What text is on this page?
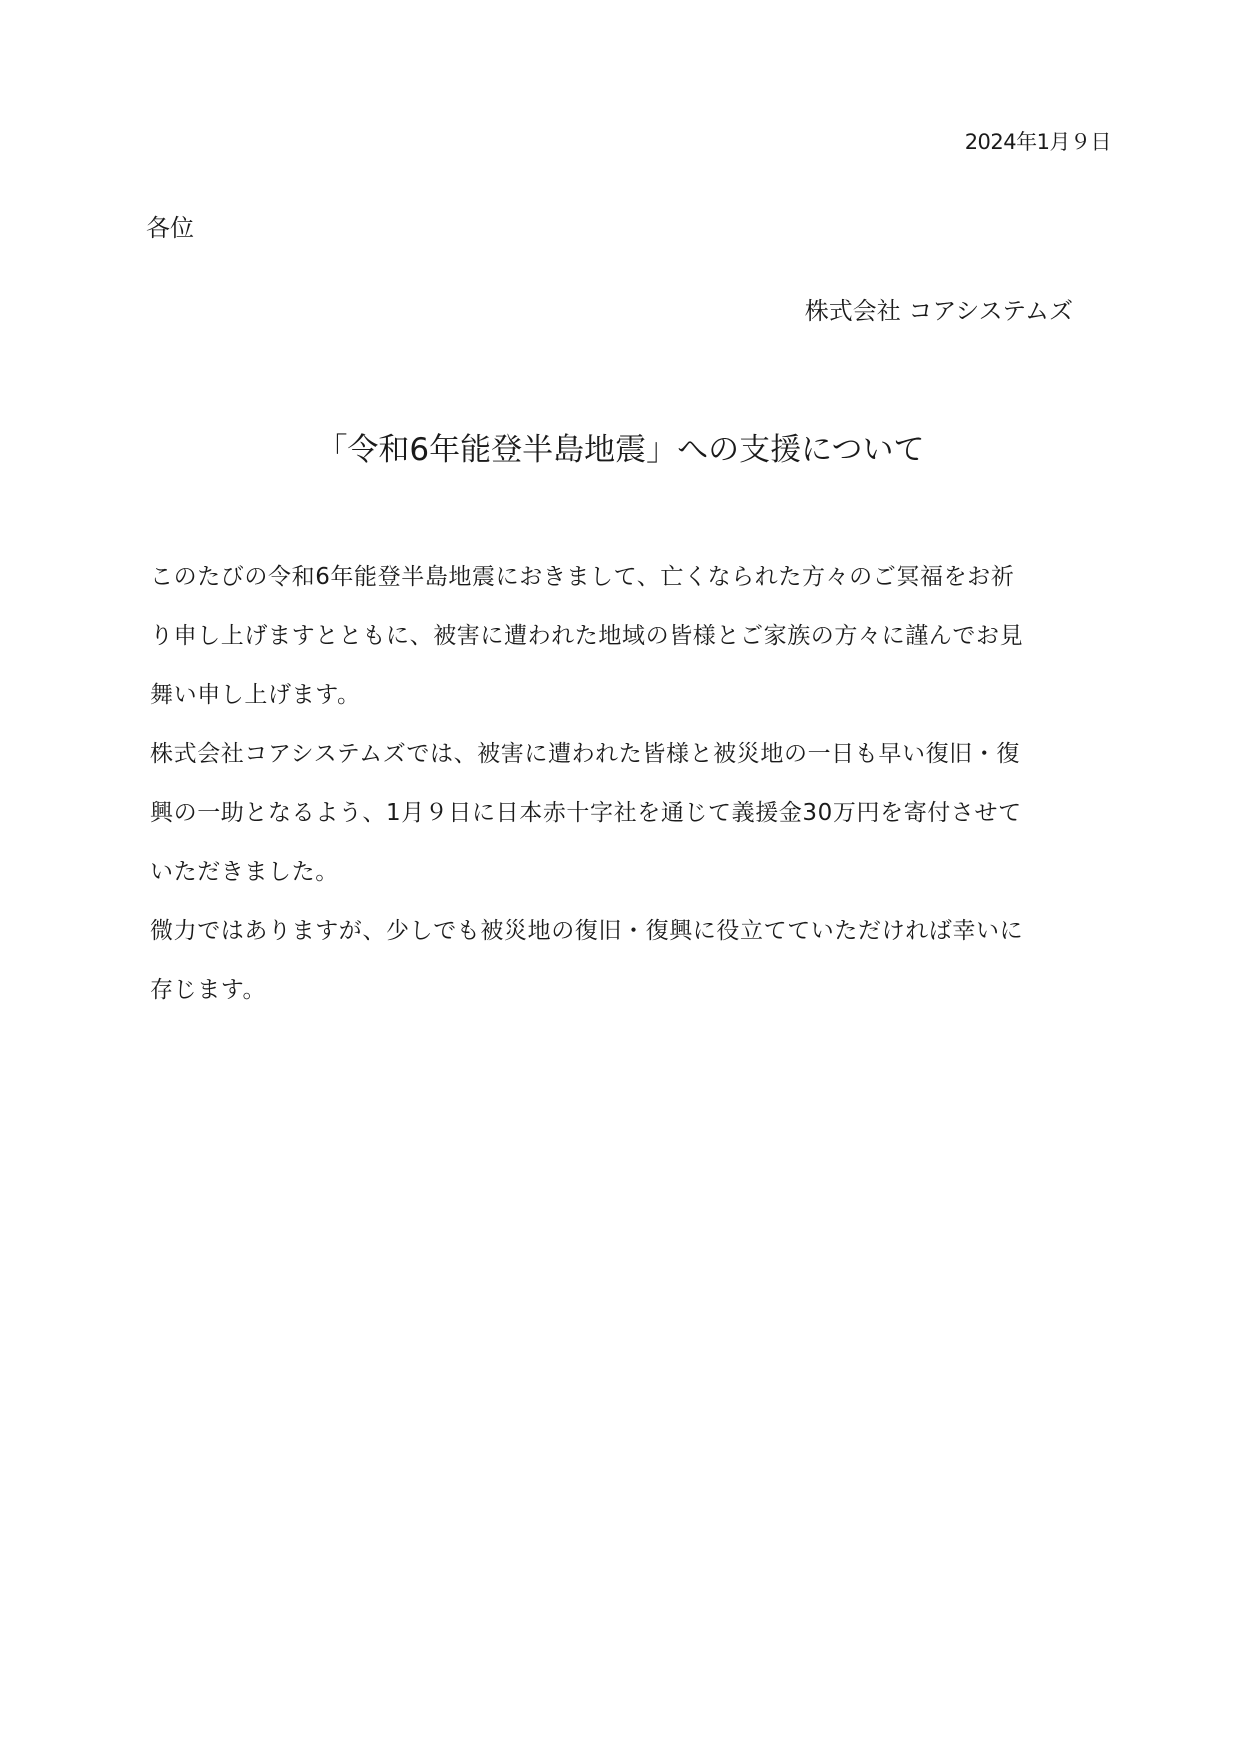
2024年1月９日
各位
株式会社 コアシステムズ
「令和6年能登半島地震」への支援について
このたびの令和6年能登半島地震におきまして、亡くなられた方々のご冥福をお祈
り申し上げますとともに、被害に遭われた地域の皆様とご家族の方々に謹んでお見
舞い申し上げます。
株式会社コアシステムズでは、被害に遭われた皆様と被災地の一日も早い復旧・復
興の一助となるよう、1月９日に日本赤十字社を通じて義援金30万円を寄付させて
いただきました。
微力ではありますが、少しでも被災地の復旧・復興に役立てていただければ幸いに
存じます。
